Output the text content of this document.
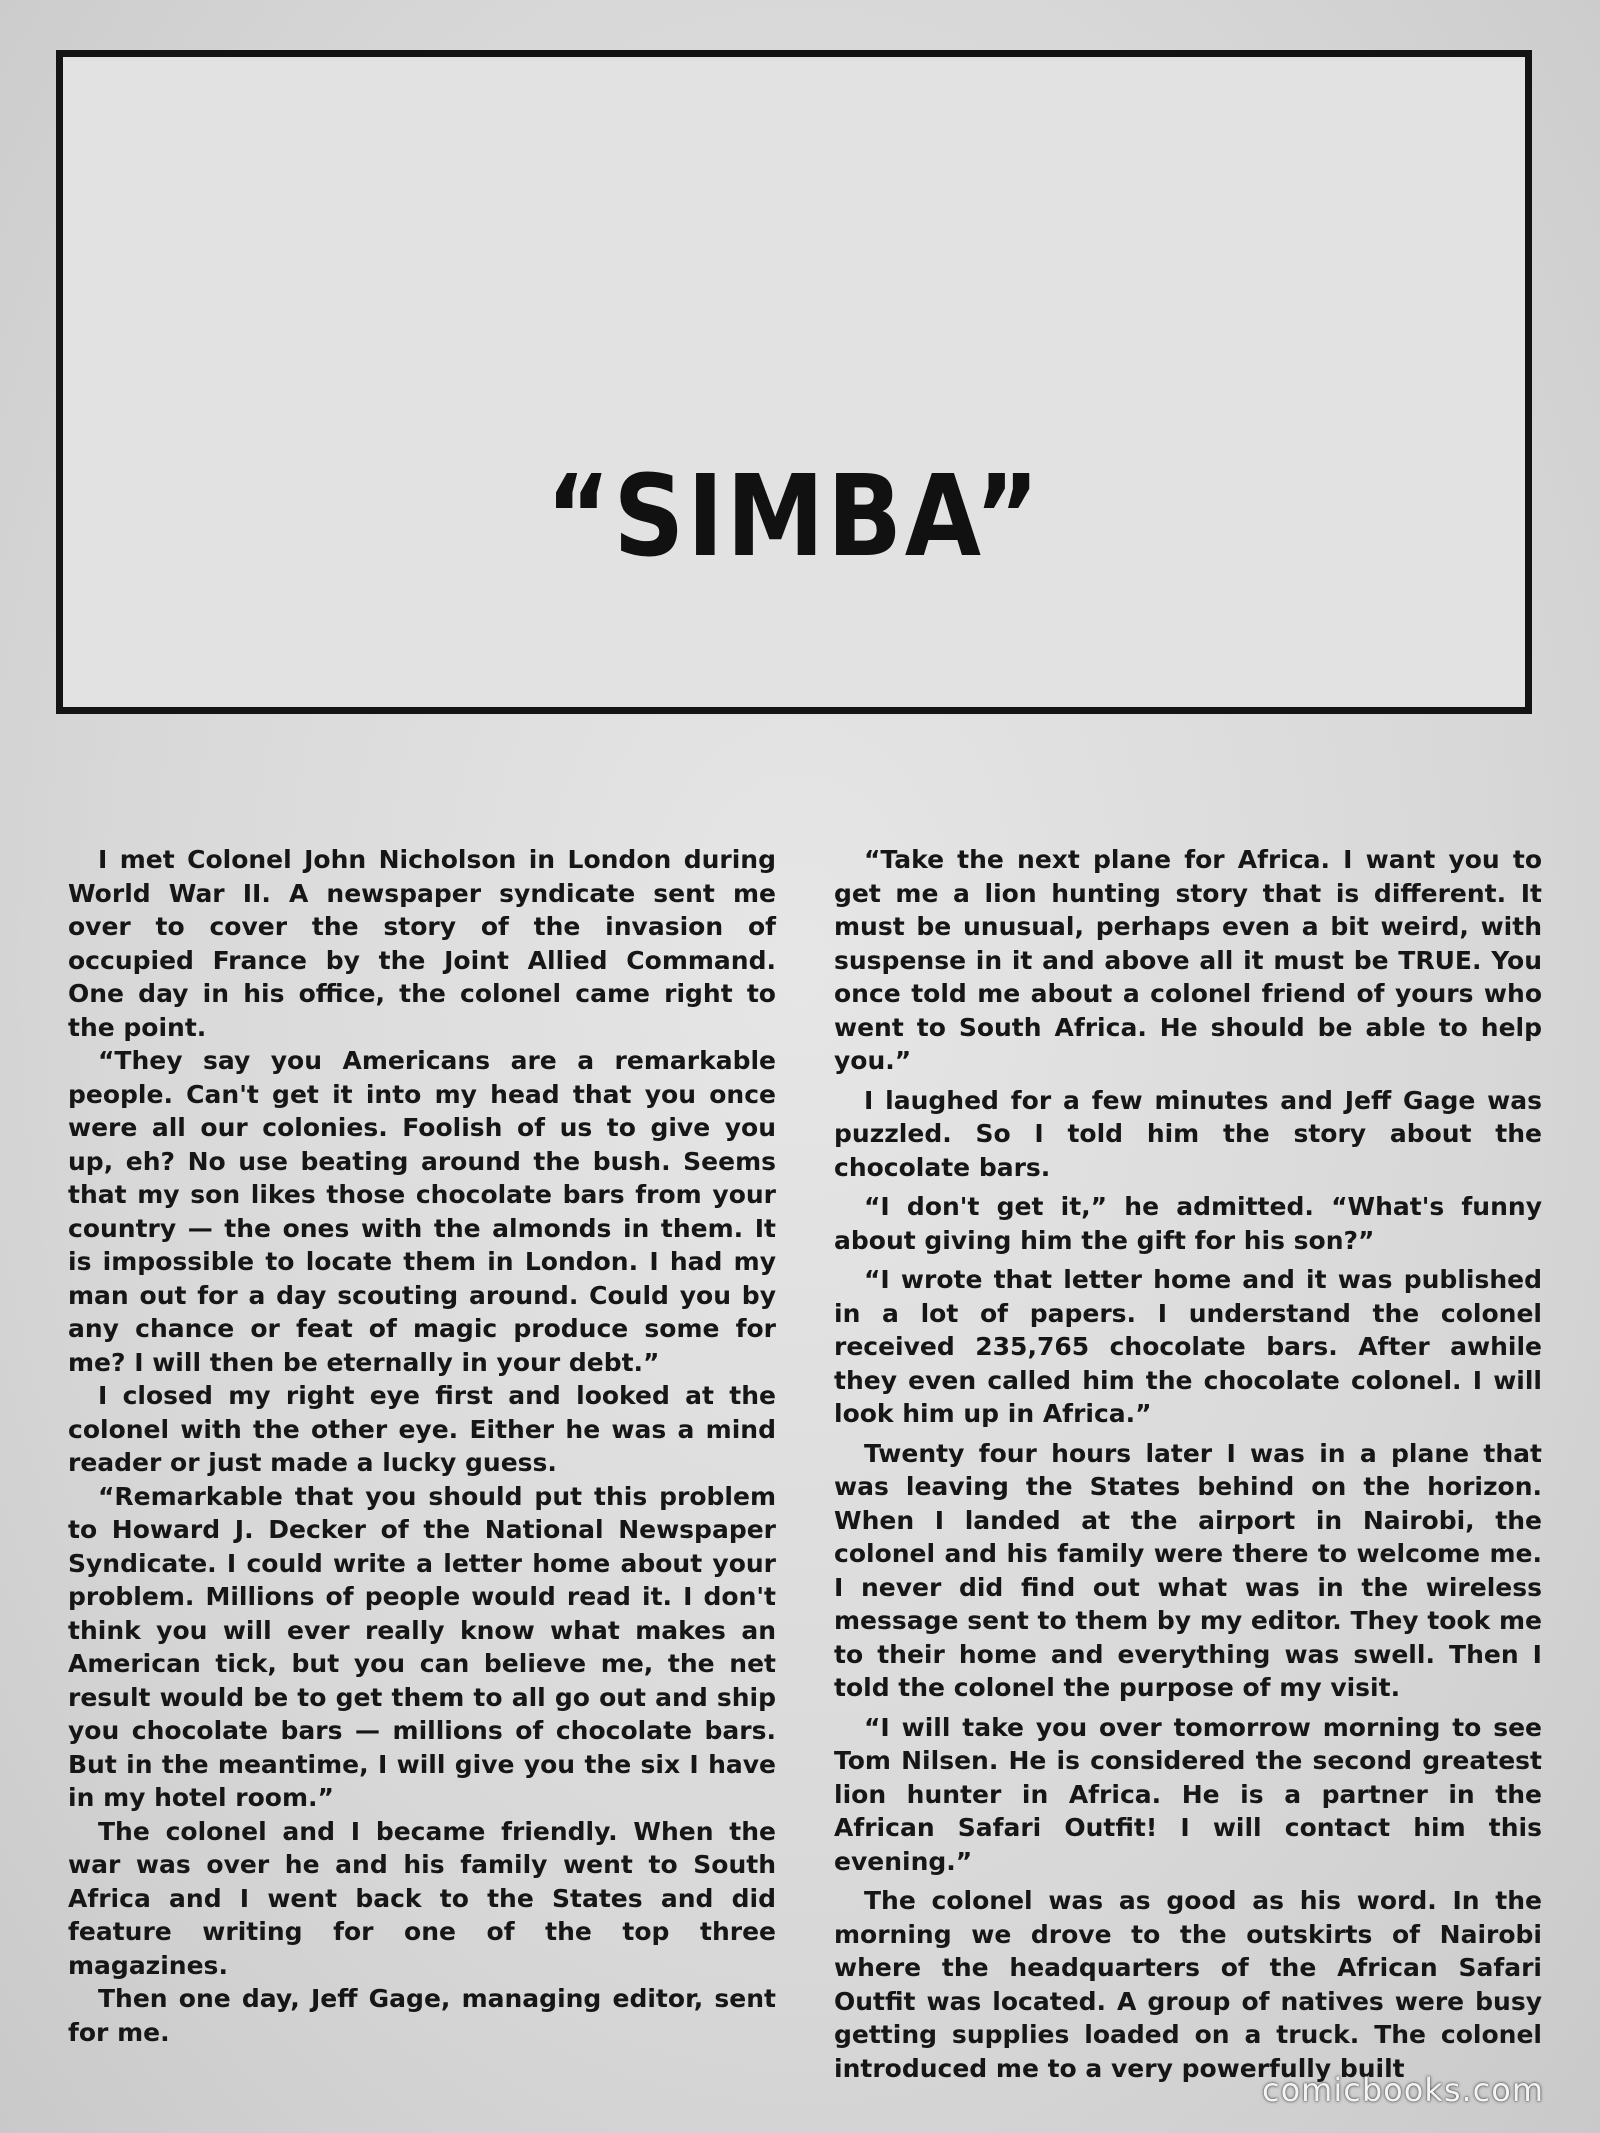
“SIMBA”

I met Colonel John Nicholson in London during World War II. A newspaper syndicate sent me over to cover the story of the invasion of occupied France by the Joint Allied Command. One day in his office, the colonel came right to the point.

“They say you Americans are a remarkable people. Can't get it into my head that you once were all our colonies. Foolish of us to give you up, eh? No use beating around the bush. Seems that my son likes those chocolate bars from your country — the ones with the almonds in them. It is impossible to locate them in London. I had my man out for a day scouting around. Could you by any chance or feat of magic produce some for me? I will then be eternally in your debt.”

I closed my right eye first and looked at the colonel with the other eye. Either he was a mind reader or just made a lucky guess.

“Remarkable that you should put this problem to Howard J. Decker of the National Newspaper Syndicate. I could write a letter home about your problem. Millions of people would read it. I don't think you will ever really know what makes an American tick, but you can believe me, the net result would be to get them to all go out and ship you chocolate bars — millions of chocolate bars. But in the meantime, I will give you the six I have in my hotel room.”

The colonel and I became friendly. When the war was over he and his family went to South Africa and I went back to the States and did feature writing for one of the top three magazines.

Then one day, Jeff Gage, managing editor, sent for me.

“Take the next plane for Africa. I want you to get me a lion hunting story that is different. It must be unusual, perhaps even a bit weird, with suspense in it and above all it must be TRUE. You once told me about a colonel friend of yours who went to South Africa. He should be able to help you.”

I laughed for a few minutes and Jeff Gage was puzzled. So I told him the story about the chocolate bars.

“I don't get it,” he admitted. “What's funny about giving him the gift for his son?”

“I wrote that letter home and it was published in a lot of papers. I understand the colonel received 235,765 chocolate bars. After awhile they even called him the chocolate colonel. I will look him up in Africa.”

Twenty four hours later I was in a plane that was leaving the States behind on the horizon. When I landed at the airport in Nairobi, the colonel and his family were there to welcome me. I never did find out what was in the wireless message sent to them by my editor. They took me to their home and everything was swell. Then I told the colonel the purpose of my visit.

“I will take you over tomorrow morning to see Tom Nilsen. He is considered the second greatest lion hunter in Africa. He is a partner in the African Safari Outfit! I will contact him this evening.”

The colonel was as good as his word. In the morning we drove to the outskirts of Nairobi where the headquarters of the African Safari Outfit was located. A group of natives were busy getting supplies loaded on a truck. The colonel introduced me to a very powerfully built

comicbooks.com
